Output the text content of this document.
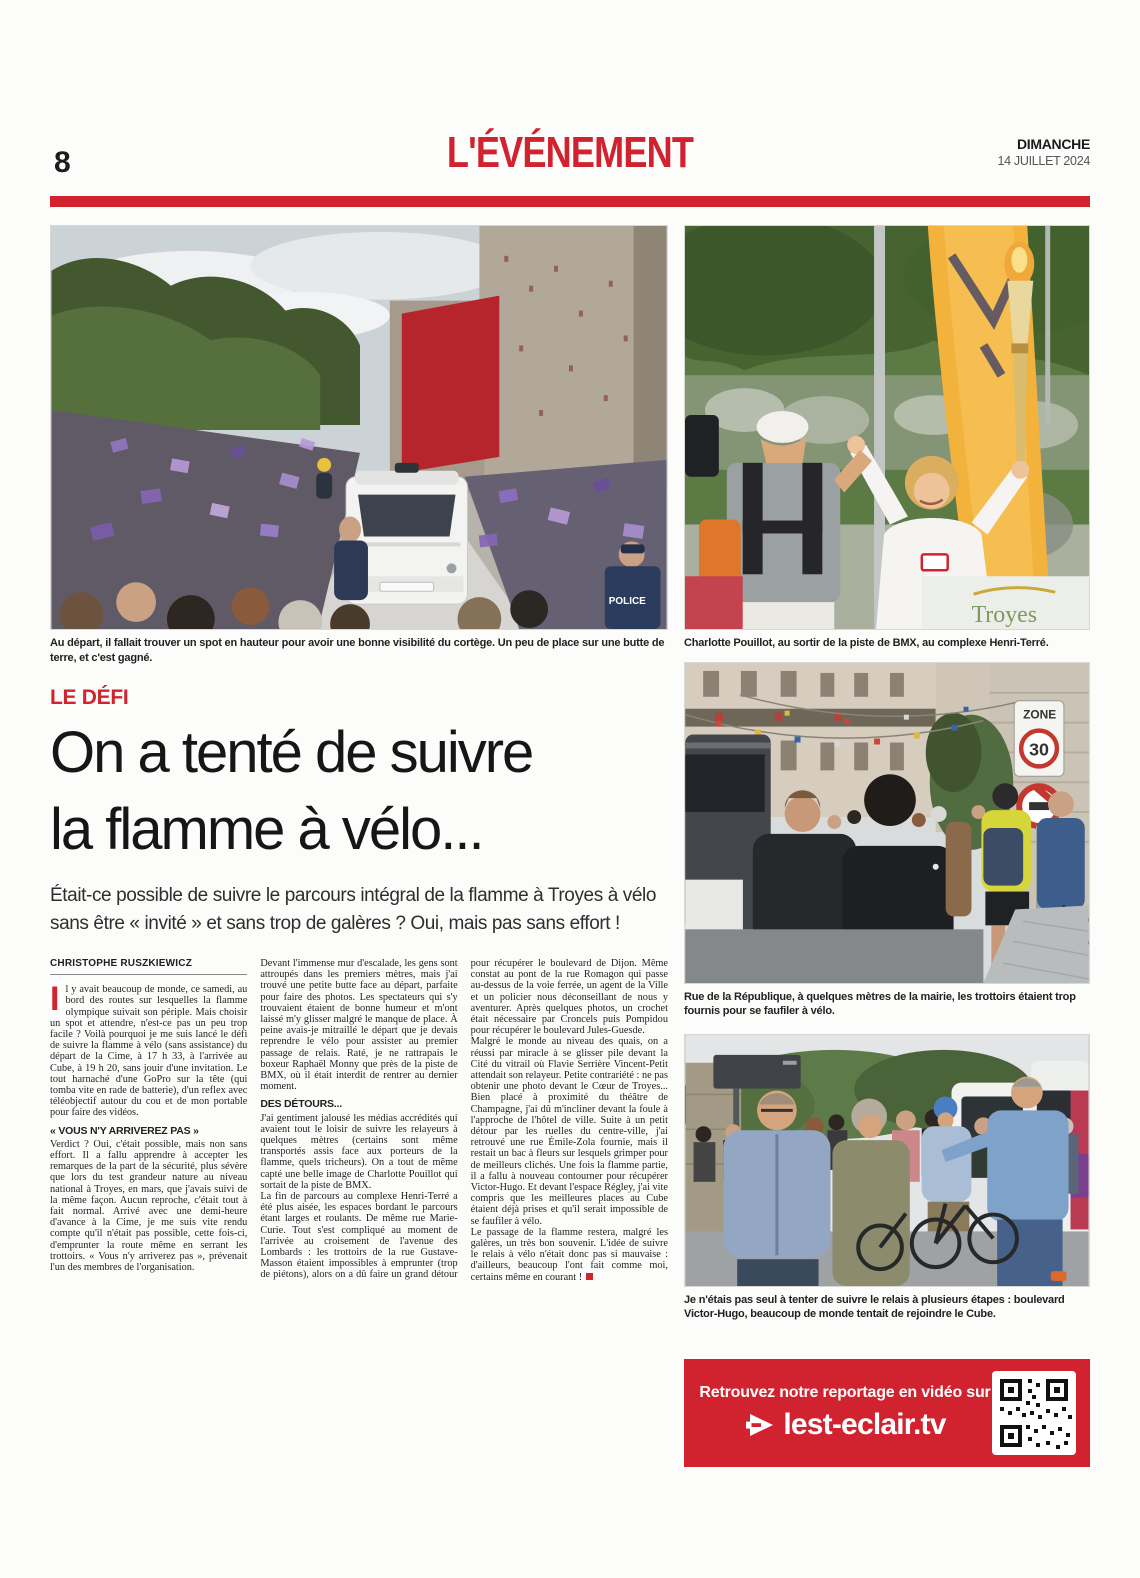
8	L'ÉVÉNEMENT	DIMANCHE
14 JUILLET 2024
POLICE
Au départ, il fallait trouver un spot en hauteur pour avoir une bonne visibilité du cortège. Un peu de place sur une butte de terre, et c'est gagné.
LE DÉFI
On a tenté de suivre
la flamme à vélo...
Était-ce possible de suivre le parcours intégral de la flamme à Troyes à vélo sans être « invité » et sans trop de galères ? Oui, mais pas sans effort !
CHRISTOPHE RUSZKIEWICZ

Il y avait beaucoup de monde, ce samedi, au bord des routes sur lesquelles la flamme olympique suivait son périple. Mais choisir un spot et attendre, n'est-ce pas un peu trop facile ? Voilà pourquoi je me suis lancé le défi de suivre la flamme à vélo (sans assistance) du départ de la Cime, à 17 h 33, à l'arrivée au Cube, à 19 h 20, sans jouir d'une invitation. Le tout harnaché d'une GoPro sur la tête (qui tomba vite en rade de batterie), d'un reflex avec téléobjectif autour du cou et de mon portable pour faire des vidéos.

« VOUS N'Y ARRIVEREZ PAS »

Verdict ? Oui, c'était possible, mais non sans effort. Il a fallu apprendre à accepter les remarques de la part de la sécurité, plus sévère que lors du test grandeur nature au niveau national à Troyes, en mars, que j'avais suivi de la même façon. Aucun reproche, c'était tout à fait normal. Arrivé avec une demi-heure d'avance à la Cime, je me suis vite rendu compte qu'il n'était pas possible, cette fois-ci, d'emprunter la route même en serrant les trottoirs. « Vous n'y arriverez pas », prévenait l'un des membres de l'organisation.

Devant l'immense mur d'escalade, les gens sont attroupés dans les premiers mètres, mais j'ai trouvé une petite butte face au départ, parfaite pour faire des photos. Les spectateurs qui s'y trouvaient étaient de bonne humeur et m'ont laissé m'y glisser malgré le manque de place. À peine avais-je mitraillé le départ que je devais reprendre le vélo pour assister au premier passage de relais. Raté, je ne rattrapais le boxeur Raphaël Monny que près de la piste de BMX, où il était interdit de rentrer au dernier moment.

DES DÉTOURS...

J'ai gentiment jalousé les médias accrédités qui avaient tout le loisir de suivre les relayeurs à quelques mètres (certains sont même transportés assis face aux porteurs de la flamme, quels tricheurs). On a tout de même capté une belle image de Charlotte Pouillot qui sortait de la piste de BMX.

La fin de parcours au complexe Henri-Terré a été plus aisée, les espaces bordant le parcours étant larges et roulants. De même rue Marie-Curie. Tout s'est compliqué au moment de l'arrivée au croisement de l'avenue des Lombards : les trottoirs de la rue Gustave-Masson étaient impossibles à emprunter (trop de piétons), alors on a dû faire un grand détour pour récupérer le boulevard de Dijon. Même constat au pont de la rue Romagon qui passe au-dessus de la voie ferrée, un agent de la Ville et un policier nous déconseillant de nous y aventurer. Après quelques photos, un crochet était nécessaire par Croncels puis Pompidou pour récupérer le boulevard Jules-Guesde.

Malgré le monde au niveau des quais, on a réussi par miracle à se glisser pile devant la Cité du vitrail où Flavie Serrière Vincent-Petit attendait son relayeur. Petite contrariété : ne pas obtenir une photo devant le Cœur de Troyes... Bien placé à proximité du théâtre de Champagne, j'ai dû m'incliner devant la foule à l'approche de l'hôtel de ville. Suite à un petit détour par les ruelles du centre-ville, j'ai retrouvé une rue Émile-Zola fournie, mais il restait un bac à fleurs sur lesquels grimper pour de meilleurs clichés. Une fois la flamme partie, il a fallu à nouveau contourner pour récupérer Victor-Hugo. Et devant l'espace Régley, j'ai vite compris que les meilleures places au Cube étaient déjà prises et qu'il serait impossible de se faufiler à vélo.

Le passage de la flamme restera, malgré les galères, un très bon souvenir. L'idée de suivre le relais à vélo n'était donc pas si mauvaise : d'ailleurs, beaucoup l'ont fait comme moi, certains même en courant !

Troyes
Charlotte Pouillot, au sortir de la piste de BMX, au complexe Henri-Terré.
ZONE
30
Rue de la République, à quelques mètres de la mairie, les trottoirs étaient trop fournis pour se faufiler à vélo.
Je n'étais pas seul à tenter de suivre le relais à plusieurs étapes : boulevard Victor-Hugo, beaucoup de monde tentait de rejoindre le Cube.
Retrouvez notre reportage en vidéo sur
lest-eclair.tv
